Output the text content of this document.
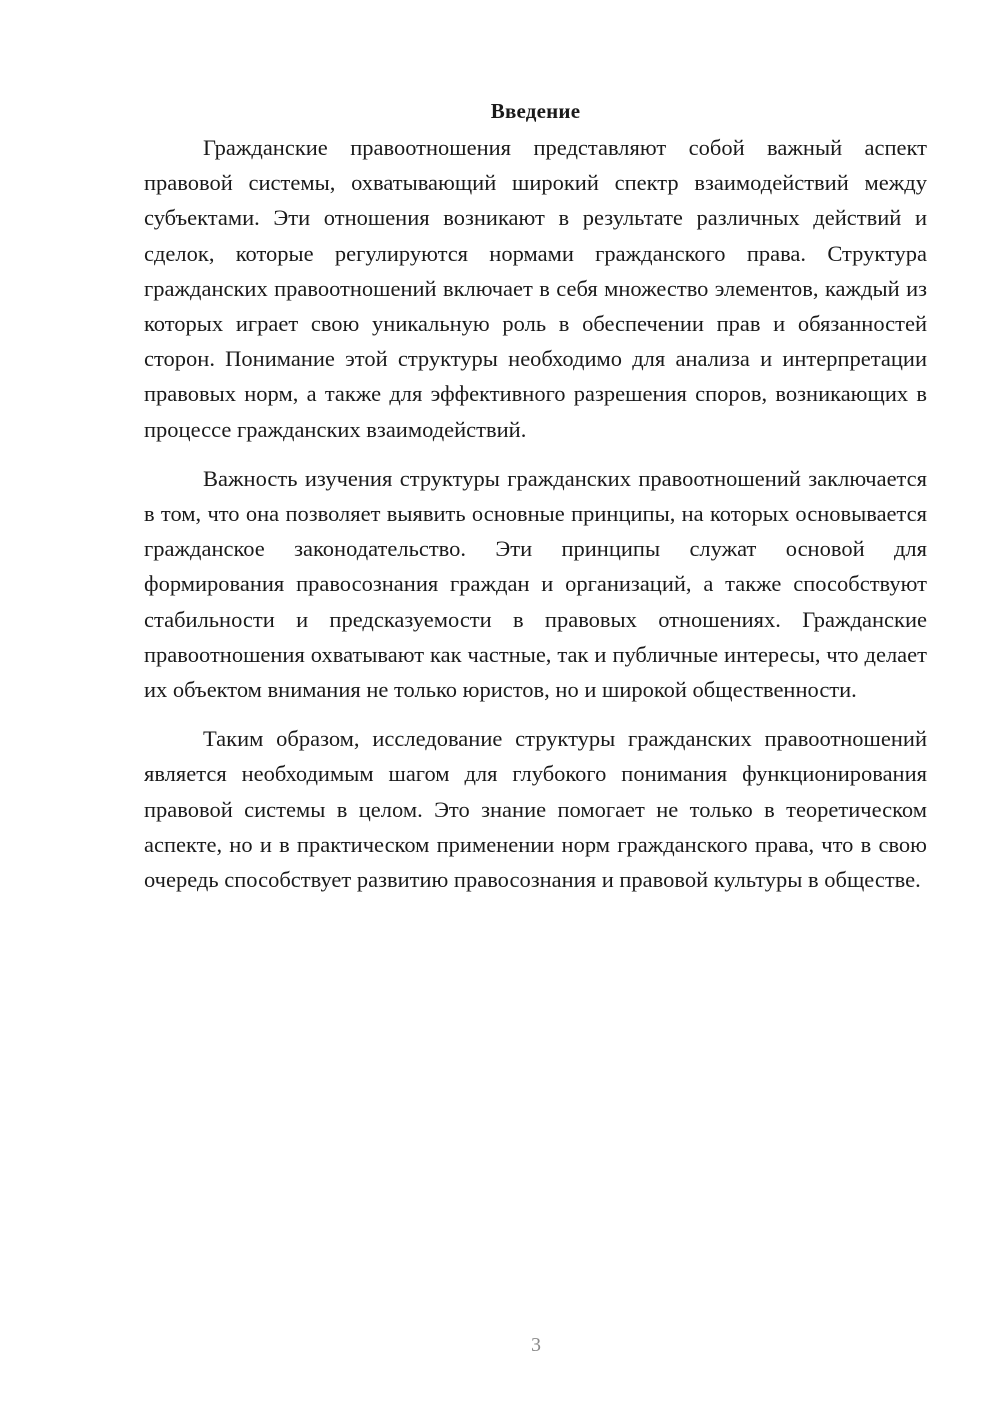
Введение

Гражданские правоотношения представляют собой важный аспект правовой системы, охватывающий широкий спектр взаимодействий между субъектами. Эти отношения возникают в результате различных действий и сделок, которые регулируются нормами гражданского права. Структура гражданских правоотношений включает в себя множество элементов, каждый из которых играет свою уникальную роль в обеспечении прав и обязанностей сторон. Понимание этой структуры необходимо для анализа и интерпретации правовых норм, а также для эффективного разрешения споров, возникающих в процессе гражданских взаимодействий.

Важность изучения структуры гражданских правоотношений заключается в том, что она позволяет выявить основные принципы, на которых основывается гражданское законодательство. Эти принципы служат основой для формирования правосознания граждан и организаций, а также способствуют стабильности и предсказуемости в правовых отношениях. Гражданские правоотношения охватывают как частные, так и публичные интересы, что делает их объектом внимания не только юристов, но и широкой общественности.

Таким образом, исследование структуры гражданских правоотношений является необходимым шагом для глубокого понимания функционирования правовой системы в целом. Это знание помогает не только в теоретическом аспекте, но и в практическом применении норм гражданского права, что в свою очередь способствует развитию правосознания и правовой культуры в обществе.

3
